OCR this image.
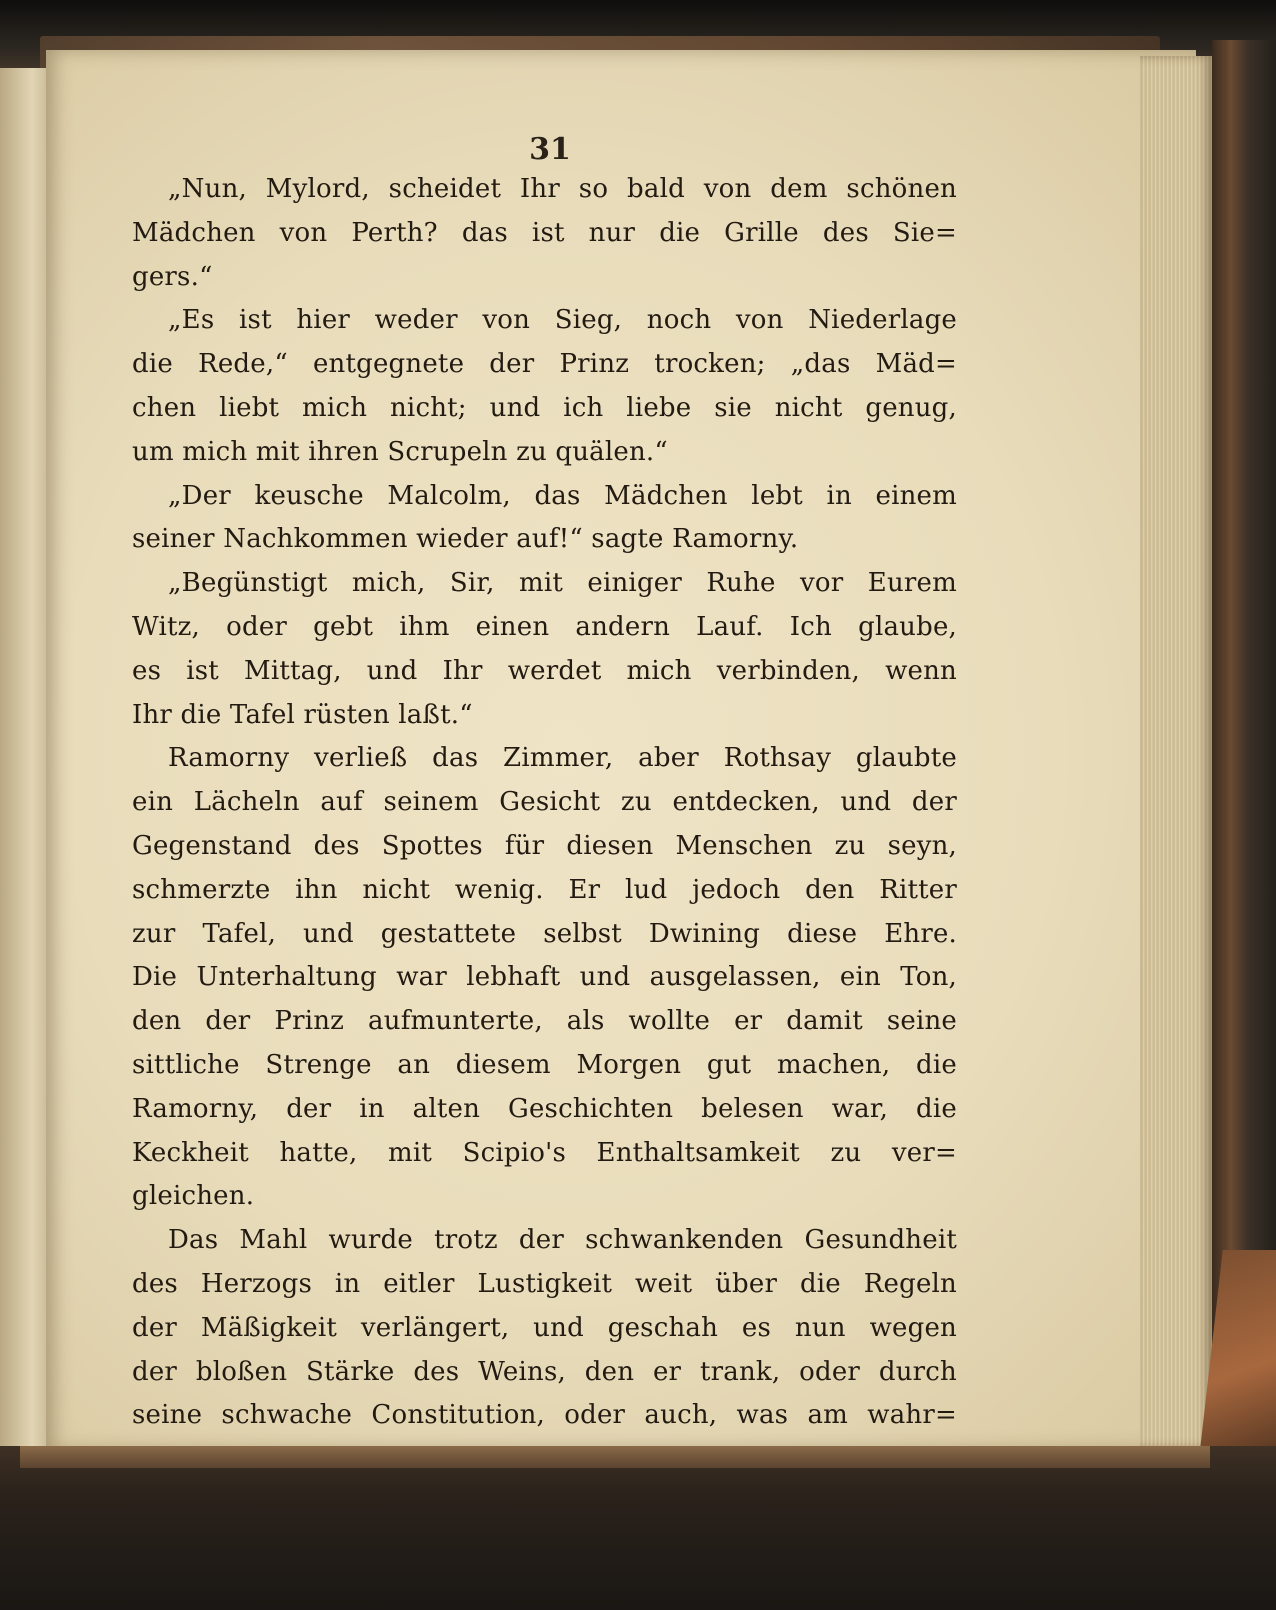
31
„Nun, Mylord, scheidet Ihr so bald von dem schönen
Mädchen von Perth? das ist nur die Grille des Sie=
gers.“
„Es ist hier weder von Sieg, noch von Niederlage
die Rede,“ entgegnete der Prinz trocken; „das Mäd=
chen liebt mich nicht; und ich liebe sie nicht genug,
um mich mit ihren Scrupeln zu quälen.“
„Der keusche Malcolm, das Mädchen lebt in einem
seiner Nachkommen wieder auf!“ sagte Ramorny.
„Begünstigt mich, Sir, mit einiger Ruhe vor Eurem
Witz, oder gebt ihm einen andern Lauf. Ich glaube,
es ist Mittag, und Ihr werdet mich verbinden, wenn
Ihr die Tafel rüsten laßt.“
Ramorny verließ das Zimmer, aber Rothsay glaubte
ein Lächeln auf seinem Gesicht zu entdecken, und der
Gegenstand des Spottes für diesen Menschen zu seyn,
schmerzte ihn nicht wenig. Er lud jedoch den Ritter
zur Tafel, und gestattete selbst Dwining diese Ehre.
Die Unterhaltung war lebhaft und ausgelassen, ein Ton,
den der Prinz aufmunterte, als wollte er damit seine
sittliche Strenge an diesem Morgen gut machen, die
Ramorny, der in alten Geschichten belesen war, die
Keckheit hatte, mit Scipio's Enthaltsamkeit zu ver=
gleichen.
Das Mahl wurde trotz der schwankenden Gesundheit
des Herzogs in eitler Lustigkeit weit über die Regeln
der Mäßigkeit verlängert, und geschah es nun wegen
der bloßen Stärke des Weins, den er trank, oder durch
seine schwache Constitution, oder auch, was am wahr=
